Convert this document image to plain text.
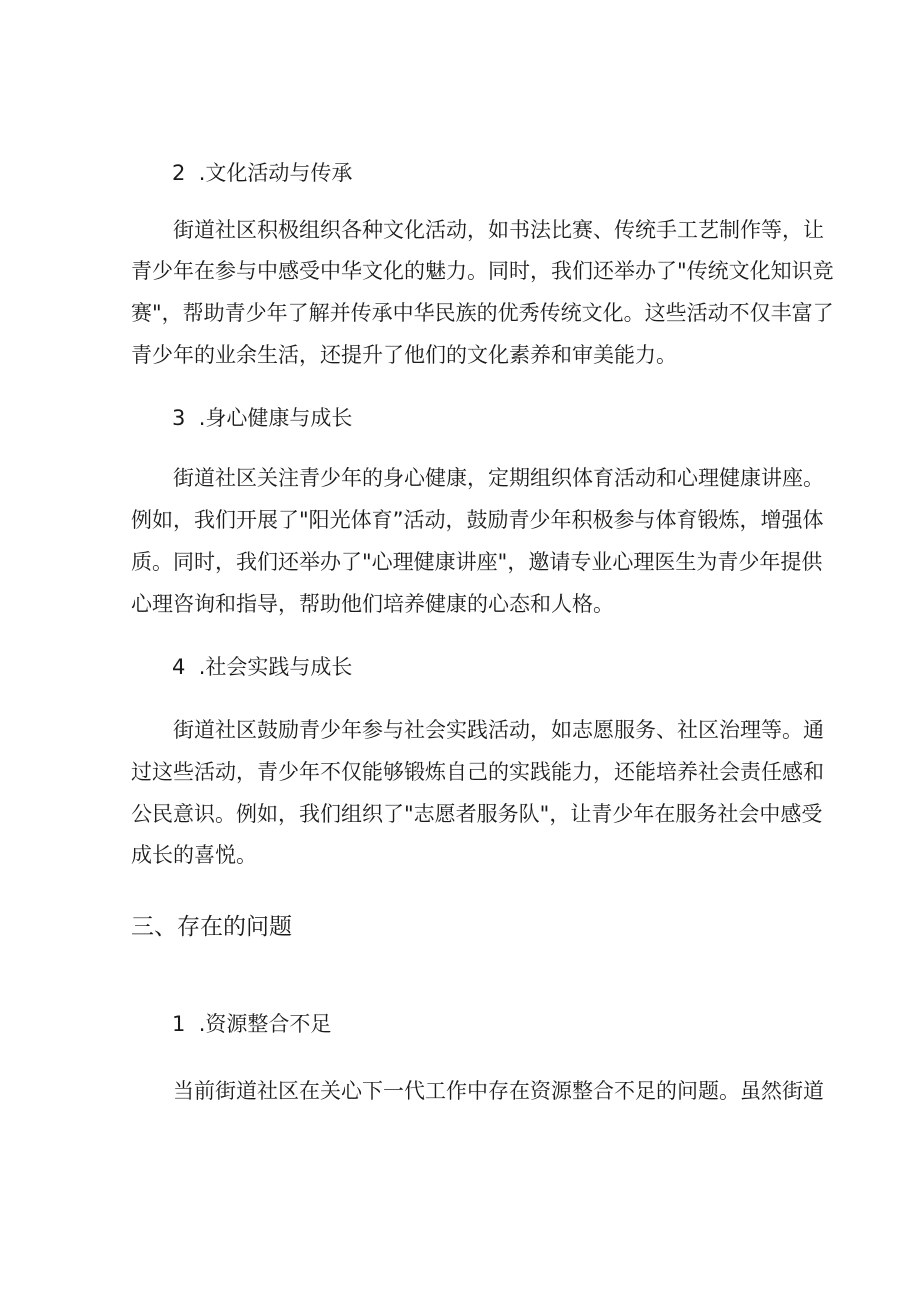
2  .文化活动与传承

街道社区积极组织各种文化活动，如书法比赛、传统手工艺制作等，让

青少年在参与中感受中华文化的魅力。同时，我们还举办了"传统文化知识竞

赛"，帮助青少年了解并传承中华民族的优秀传统文化。这些活动不仅丰富了

青少年的业余生活，还提升了他们的文化素养和审美能力。

3  .身心健康与成长

街道社区关注青少年的身心健康，定期组织体育活动和心理健康讲座。

例如，我们开展了"阳光体育”活动，鼓励青少年积极参与体育锻炼，增强体

质。同时，我们还举办了"心理健康讲座"，邀请专业心理医生为青少年提供

心理咨询和指导，帮助他们培养健康的心态和人格。

4  .社会实践与成长

街道社区鼓励青少年参与社会实践活动，如志愿服务、社区治理等。通

过这些活动，青少年不仅能够锻炼自己的实践能力，还能培养社会责任感和

公民意识。例如，我们组织了"志愿者服务队"，让青少年在服务社会中感受

成长的喜悦。

三、存在的问题

1  .资源整合不足

当前街道社区在关心下一代工作中存在资源整合不足的问题。虽然街道
